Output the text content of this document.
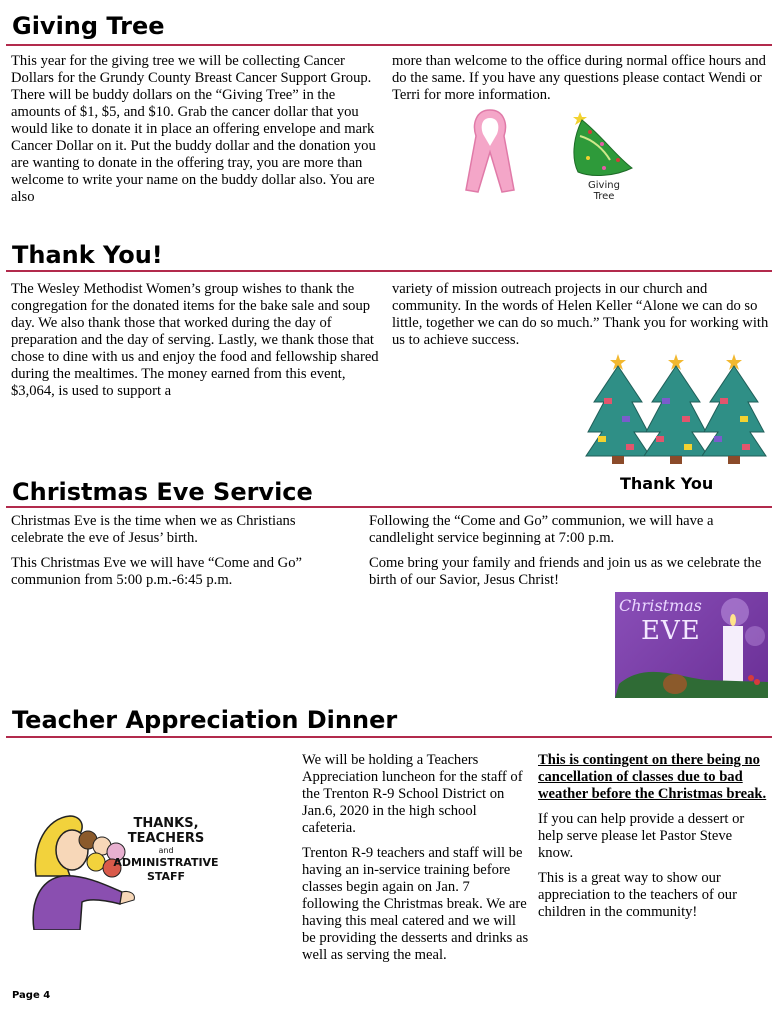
Giving Tree
This year for the giving tree we will be collecting Cancer Dollars for the Grundy County Breast Cancer Support Group. There will be buddy dollars on the “Giving Tree” in the amounts of $1, $5, and $10. Grab the cancer dollar that you would like to donate it in place an offering envelope and mark Cancer Dollar on it. Put the buddy dollar and the donation you are wanting to donate in the offering tray, you are more than welcome to write your name on the buddy dollar also. You are also
more than welcome to the office during normal office hours and do the same. If you have any questions please contact Wendi or Terri for more information.
Giving
Tree
Thank You!
The Wesley Methodist Women’s group wishes to thank the congregation for the donated items for the bake sale and soup day. We also thank those that worked during the day of preparation and the day of serving. Lastly, we thank those that chose to dine with us and enjoy the food and fellowship shared during the mealtimes. The money earned from this event, $3,064, is used to support a
variety of mission outreach projects in our church and community. In the words of Helen Keller “Alone we can do so little, together we can do so much.” Thank you for working with us to achieve success.
Thank You
Christmas Eve Service

Christmas Eve is the time when we as Christians celebrate the eve of Jesus’ birth.

This Christmas Eve we will have “Come and Go” communion from 5:00 p.m.-6:45 p.m.

Following the “Come and Go” communion, we will have a candlelight service beginning at 7:00 p.m.

Come bring your family and friends and join us as we celebrate the birth of our Savior, Jesus Christ!

Christmas
EVE
Teacher Appreciation Dinner
THANKS,
TEACHERS
and
ADMINISTRATIVE
STAFF

We will be holding a Teachers Appreciation luncheon for the staff of the Trenton R-9 School District on Jan.6, 2020 in the high school cafeteria.

Trenton R-9 teachers and staff will be having an in-service training before classes begin again on Jan. 7 following the Christmas break. We are having this meal catered and we will be providing the desserts and drinks as well as serving the meal.

This is contingent on there being no cancellation of classes due to bad weather before the Christmas break.

If you can help provide a dessert or help serve please let Pastor Steve know.

This is a great way to show our appreciation to the teachers of our children in the community!

Page 4
